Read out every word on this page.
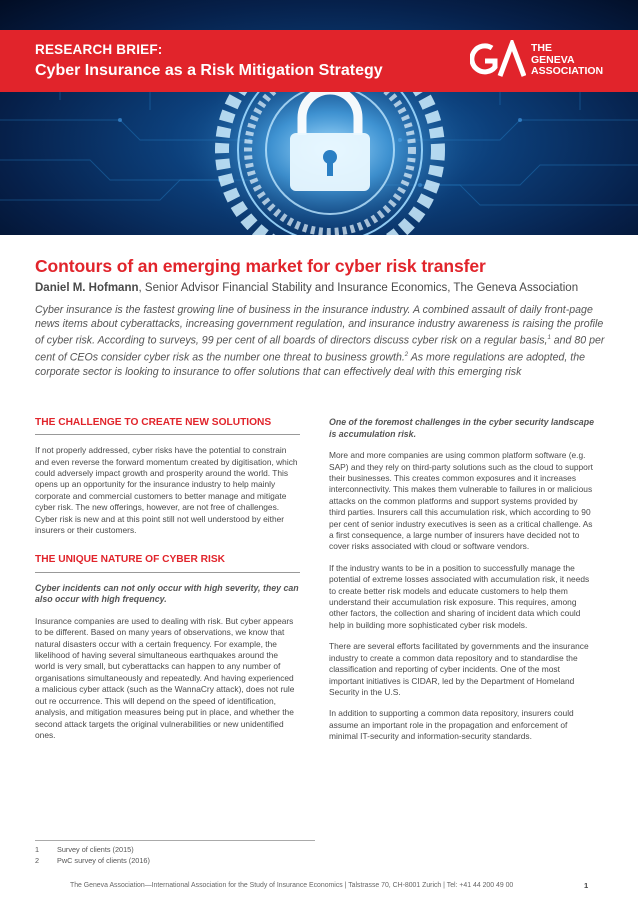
RESEARCH BRIEF:
Cyber Insurance as a Risk Mitigation Strategy
THE
GENEVA
ASSOCIATION
Contours of an emerging market for cyber risk transfer
Daniel M. Hofmann, Senior Advisor Financial Stability and Insurance Economics, The Geneva Association
Cyber insurance is the fastest growing line of business in the insurance industry. A combined assault of daily front-page news items about cyberattacks, increasing government regulation, and insurance industry awareness is raising the profile of cyber risk. According to surveys, 99 per cent of all boards of directors discuss cyber risk on a regular basis,$^1$ and 80 per cent of CEOs consider cyber risk as the number one threat to business growth.$^2$ As more regulations are adopted, the corporate sector is looking to insurance to offer solutions that can effectively deal with this emerging risk
THE CHALLENGE TO CREATE NEW SOLUTIONS

If not properly addressed, cyber risks have the potential to constrain and even reverse the forward momentum created by digitisation, which could adversely impact growth and prosperity around the world. This opens up an opportunity for the insurance industry to help mainly corporate and commercial customers to better manage and mitigate cyber risk. The new offerings, however, are not free of challenges. Cyber risk is new and at this point still not well understood by either insurers or their customers.

THE UNIQUE NATURE OF CYBER RISK

Cyber incidents can not only occur with high severity, they can also occur with high frequency.

Insurance companies are used to dealing with risk. But cyber appears to be different. Based on many years of observations, we know that natural disasters occur with a certain frequency. For example, the likelihood of having several simultaneous earthquakes around the world is very small, but cyberattacks can happen to any number of organisations simultaneously and repeatedly. And having experienced a malicious cyber attack (such as the WannaCry attack), does not rule out re occurrence. This will depend on the speed of identification, analysis, and mitigation measures being put in place, and whether the second attack targets the original vulnerabilities or new unidentified ones.

One of the foremost challenges in the cyber security landscape is accumulation risk.

More and more companies are using common platform software (e.g. SAP) and they rely on third-party solutions such as the cloud to support their businesses. This creates common exposures and it increases interconnectivity. This makes them vulnerable to failures in or malicious attacks on the common platforms and support systems provided by third parties. Insurers call this accumulation risk, which according to 90 per cent of senior industry executives is seen as a critical challenge. As a first consequence, a large number of insurers have decided not to cover risks associated with cloud or software vendors.

If the industry wants to be in a position to successfully manage the potential of extreme losses associated with accumulation risk, it needs to create better risk models and educate customers to help them understand their accumulation risk exposure. This requires, among other factors, the collection and sharing of incident data which could help in building more sophisticated cyber risk models.

There are several efforts facilitated by governments and the insurance industry to create a common data repository and to standardise the classification and reporting of cyber incidents. One of the most important initiatives is CIDAR, led by the Department of Homeland Security in the U.S.

In addition to supporting a common data repository, insurers could assume an important role in the propagation and enforcement of minimal IT-security and information-security standards.

1 Survey of clients (2015)
2 PwC survey of clients (2016)
The Geneva Association—International Association for the Study of Insurance Economics | Talstrasse 70, CH-8001 Zurich | Tel: +41 44 200 49 00	1
